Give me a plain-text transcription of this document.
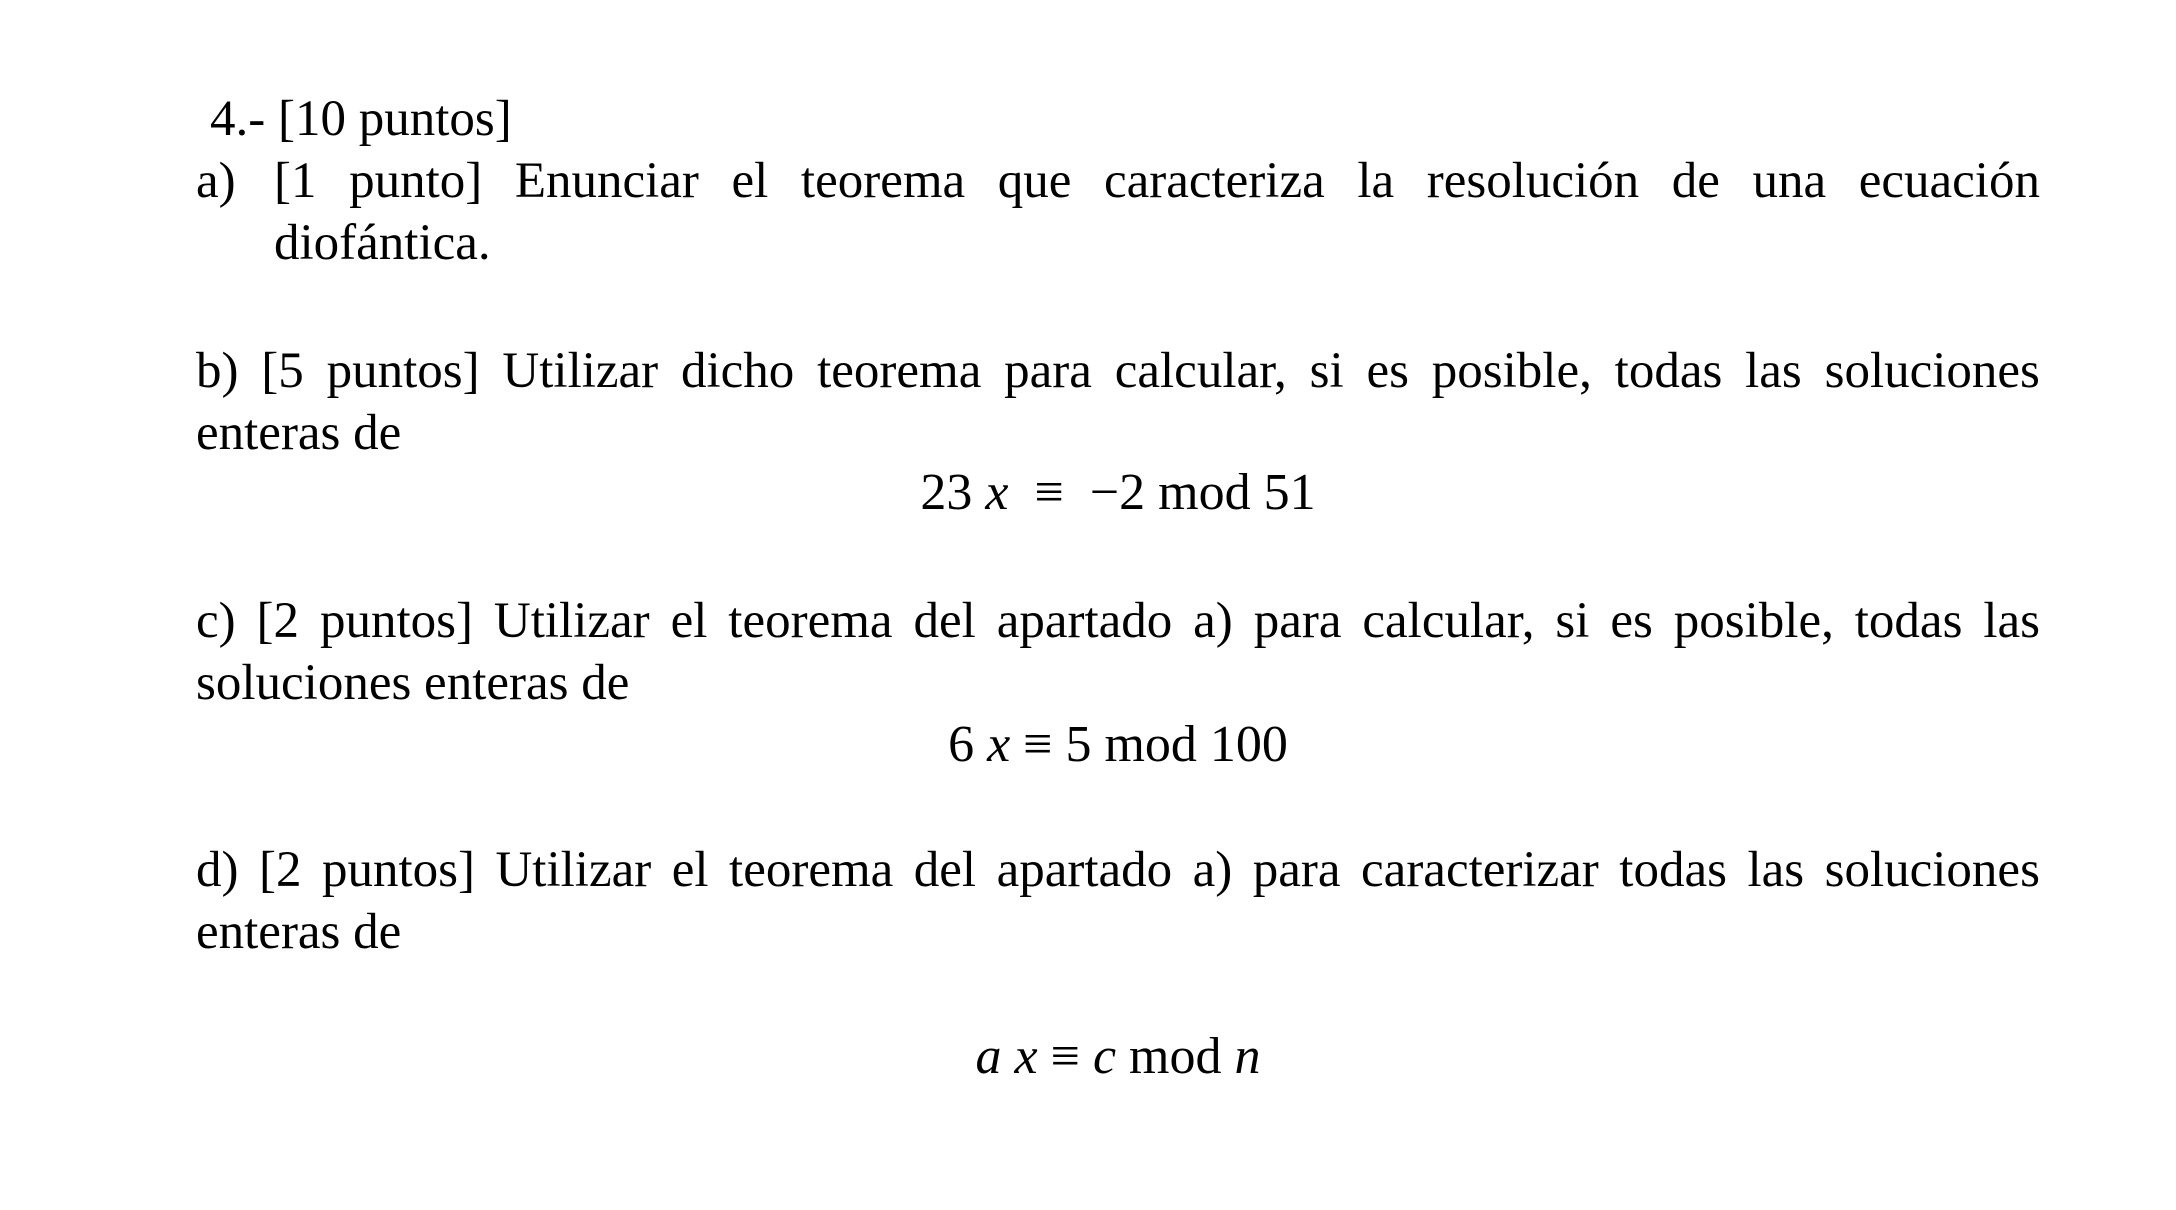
4.- [10 puntos]
a) [1 punto] Enunciar el teorema que caracteriza la resolución de una ecuación
diofántica.
b) [5 puntos] Utilizar dicho teorema para calcular, si es posible, todas las soluciones
enteras de
23 x ≡ −2 mod 51
c) [2 puntos] Utilizar el teorema del apartado a) para calcular, si es posible, todas las
soluciones enteras de
6 x ≡ 5 mod 100
d) [2 puntos] Utilizar el teorema del apartado a) para caracterizar todas las soluciones
enteras de
a x ≡ c mod n
